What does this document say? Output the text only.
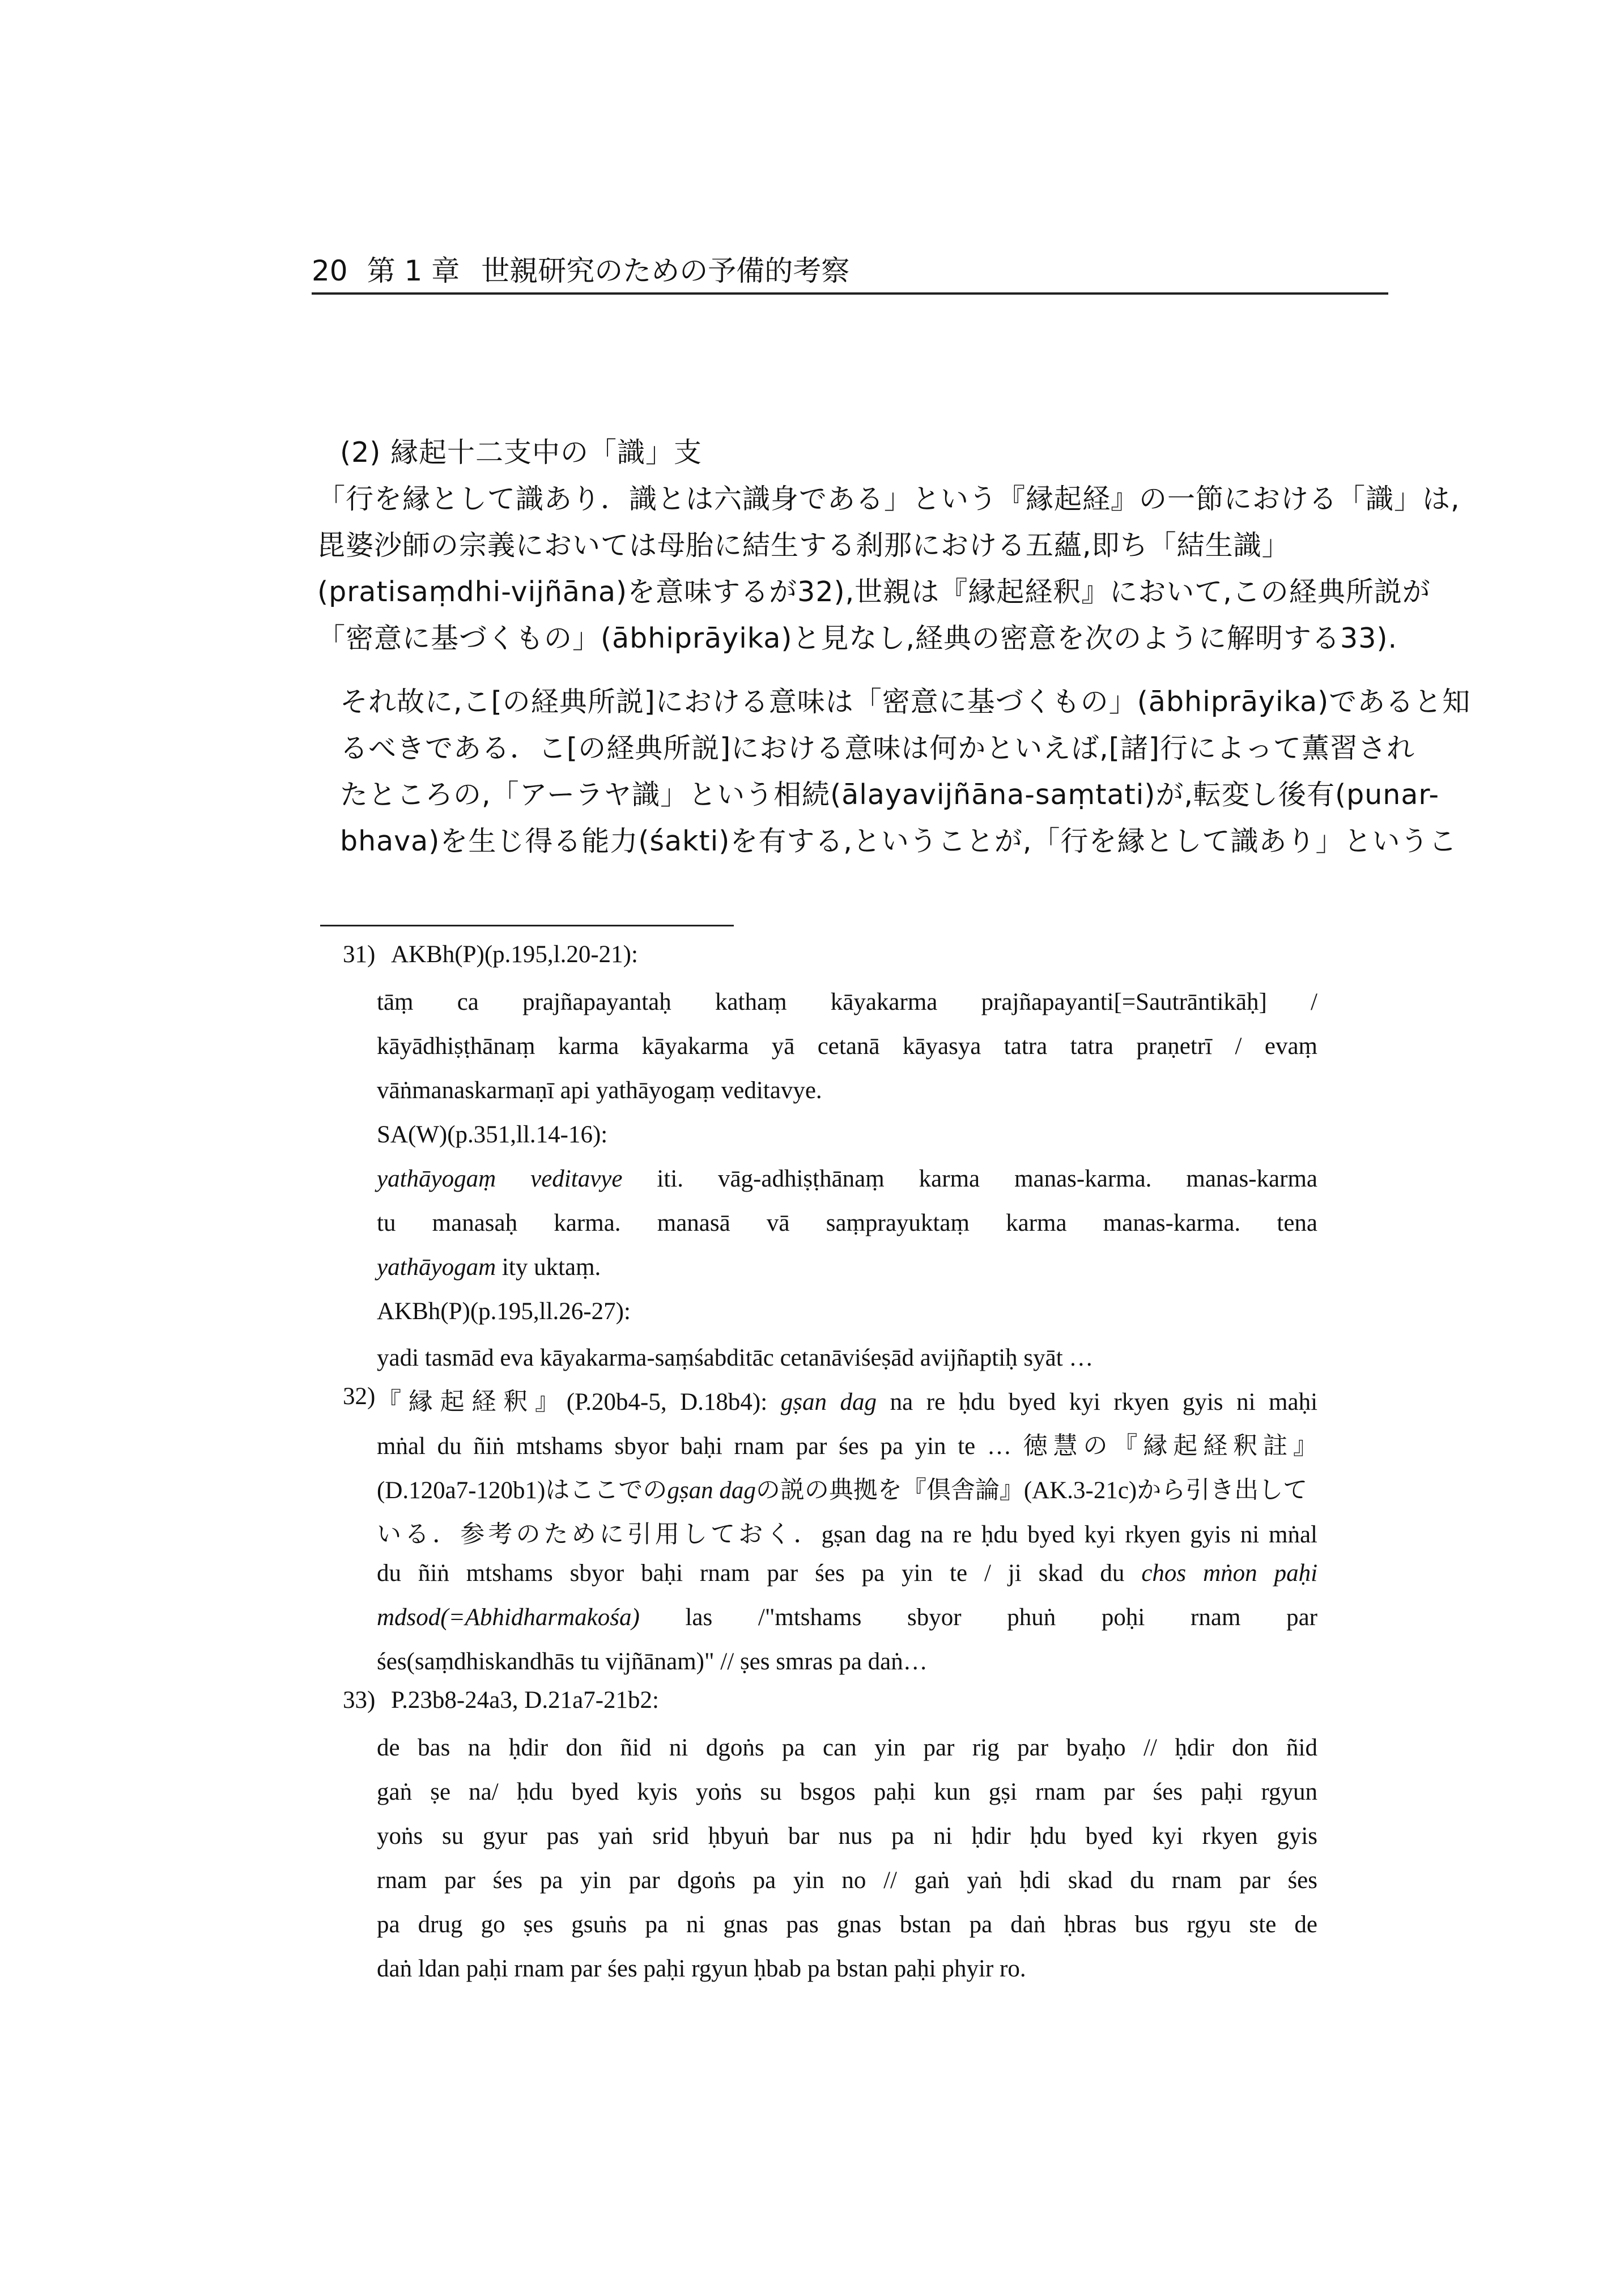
20 第 1 章 世親研究のための予備的考察
(2) 縁起十二支中の「識」支
「行を縁として識あり．識とは六識身である」という『縁起経』の一節における「識」は,
毘婆沙師の宗義においては母胎に結生する刹那における五蘊,即ち「結生識」
(pratisaṃdhi-vijñāna)を意味するが32),世親は『縁起経釈』において,この経典所説が
「密意に基づくもの」(ābhiprāyika)と見なし,経典の密意を次のように解明する33).
それ故に,こ[の経典所説]における意味は「密意に基づくもの」(ābhiprāyika)であると知
るべきである．こ[の経典所説]における意味は何かといえば,[諸]行によって薫習され
たところの,「アーラヤ識」という相続(ālayavijñāna-saṃtati)が,転変し後有(punar-
bhava)を生じ得る能力(śakti)を有する,ということが,「行を縁として識あり」というこ
31) AKBh(P)(p.195,l.20-21):
tāṃ ca prajñapayantaḥ kathaṃ kāyakarma prajñapayanti[=Sautrāntikāḥ] /
kāyādhiṣṭhānaṃ karma kāyakarma yā cetanā kāyasya tatra tatra praṇetrī / evaṃ
vāṅmanaskarmaṇī api yathāyogaṃ veditavye.
SA(W)(p.351,ll.14-16):
yathāyogaṃ veditavye iti. vāg-adhiṣṭhānaṃ karma manas-karma. manas-karma
tu manasaḥ karma. manasā vā saṃprayuktaṃ karma manas-karma. tena
yathāyogam ity uktaṃ.
AKBh(P)(p.195,ll.26-27):
yadi tasmād eva kāyakarma-saṃśabditāc cetanāviśeṣād avijñaptiḥ syāt …
32) 『縁起経釈』(P.20b4-5, D.18b4): gṣan dag na re ḥdu byed kyi rkyen gyis ni maḥi
mṅal du ñiṅ mtshams sbyor baḥi rnam par śes pa yin te … 徳慧の『縁起経釈註』
(D.120a7-120b1)はここでのgṣan dagの説の典拠を『倶舎論』(AK.3-21c)から引き出して
いる．参考のために引用しておく．gṣan dag na re ḥdu byed kyi rkyen gyis ni mṅal
du ñiṅ mtshams sbyor baḥi rnam par śes pa yin te / ji skad du chos mṅon paḥi
mdsod(=Abhidharmakośa) las /"mtshams sbyor phuṅ poḥi rnam par
śes(saṃdhiskandhās tu vijñānam)" // ṣes smras pa daṅ…
33) P.23b8-24a3, D.21a7-21b2:
de bas na ḥdir don ñid ni dgoṅs pa can yin par rig par byaḥo // ḥdir don ñid
gaṅ ṣe na/ ḥdu byed kyis yoṅs su bsgos paḥi kun gṣi rnam par śes paḥi rgyun
yoṅs su gyur pas yaṅ srid ḥbyuṅ bar nus pa ni ḥdir ḥdu byed kyi rkyen gyis
rnam par śes pa yin par dgoṅs pa yin no // gaṅ yaṅ ḥdi skad du rnam par śes
pa drug go ṣes gsuṅs pa ni gnas pas gnas bstan pa daṅ ḥbras bus rgyu ste de
daṅ ldan paḥi rnam par śes paḥi rgyun ḥbab pa bstan paḥi phyir ro.
